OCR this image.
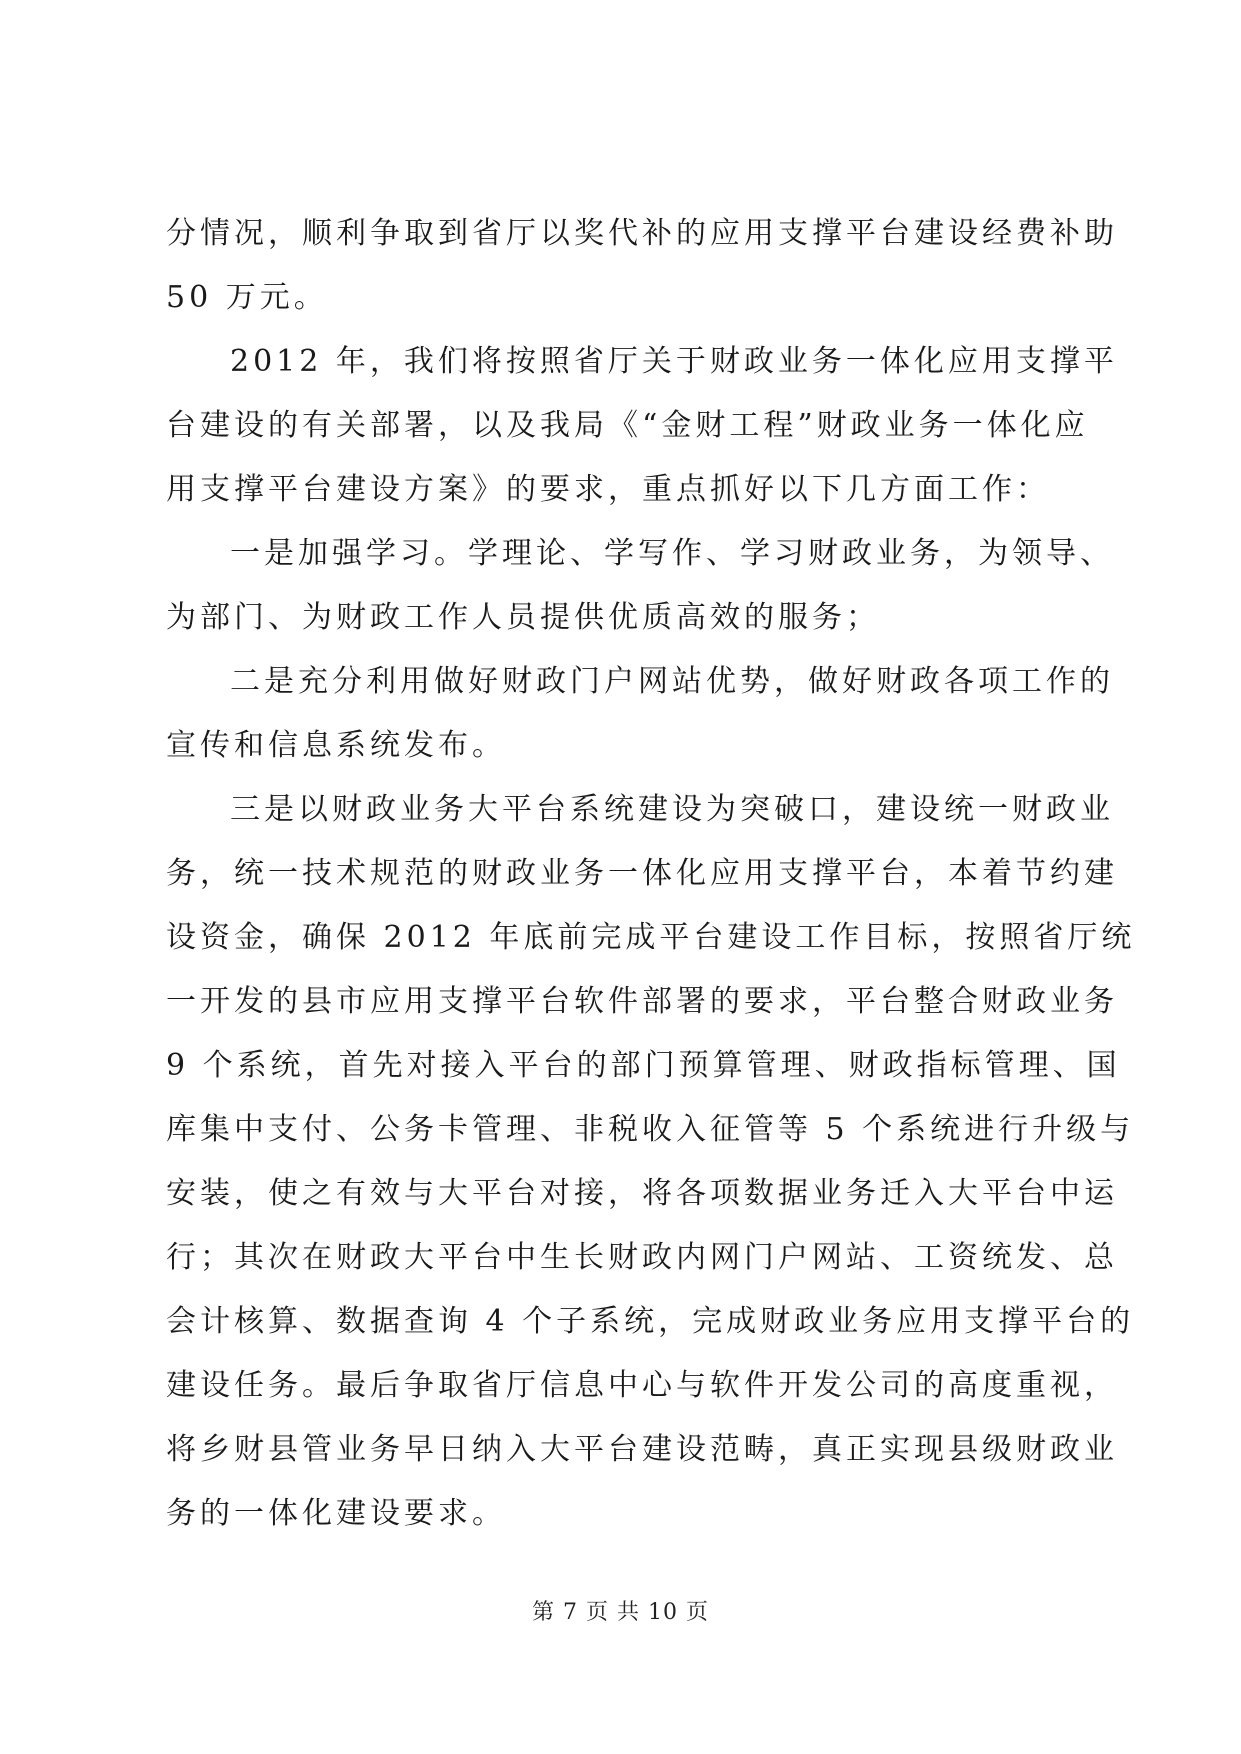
分情况，顺利争取到省厅以奖代补的应用支撑平台建设经费补助
50 万元。
2012 年，我们将按照省厅关于财政业务一体化应用支撑平
台建设的有关部署，以及我局《“金财工程”财政业务一体化应
用支撑平台建设方案》的要求，重点抓好以下几方面工作：
一是加强学习。学理论、学写作、学习财政业务，为领导、
为部门、为财政工作人员提供优质高效的服务；
二是充分利用做好财政门户网站优势，做好财政各项工作的
宣传和信息系统发布。
三是以财政业务大平台系统建设为突破口，建设统一财政业
务，统一技术规范的财政业务一体化应用支撑平台，本着节约建
设资金，确保 2012 年底前完成平台建设工作目标，按照省厅统
一开发的县市应用支撑平台软件部署的要求，平台整合财政业务
9 个系统，首先对接入平台的部门预算管理、财政指标管理、国
库集中支付、公务卡管理、非税收入征管等 5 个系统进行升级与
安装，使之有效与大平台对接，将各项数据业务迁入大平台中运
行；其次在财政大平台中生长财政内网门户网站、工资统发、总
会计核算、数据查询 4 个子系统，完成财政业务应用支撑平台的
建设任务。最后争取省厅信息中心与软件开发公司的高度重视，
将乡财县管业务早日纳入大平台建设范畴，真正实现县级财政业
务的一体化建设要求。
第 7 页 共 10 页
